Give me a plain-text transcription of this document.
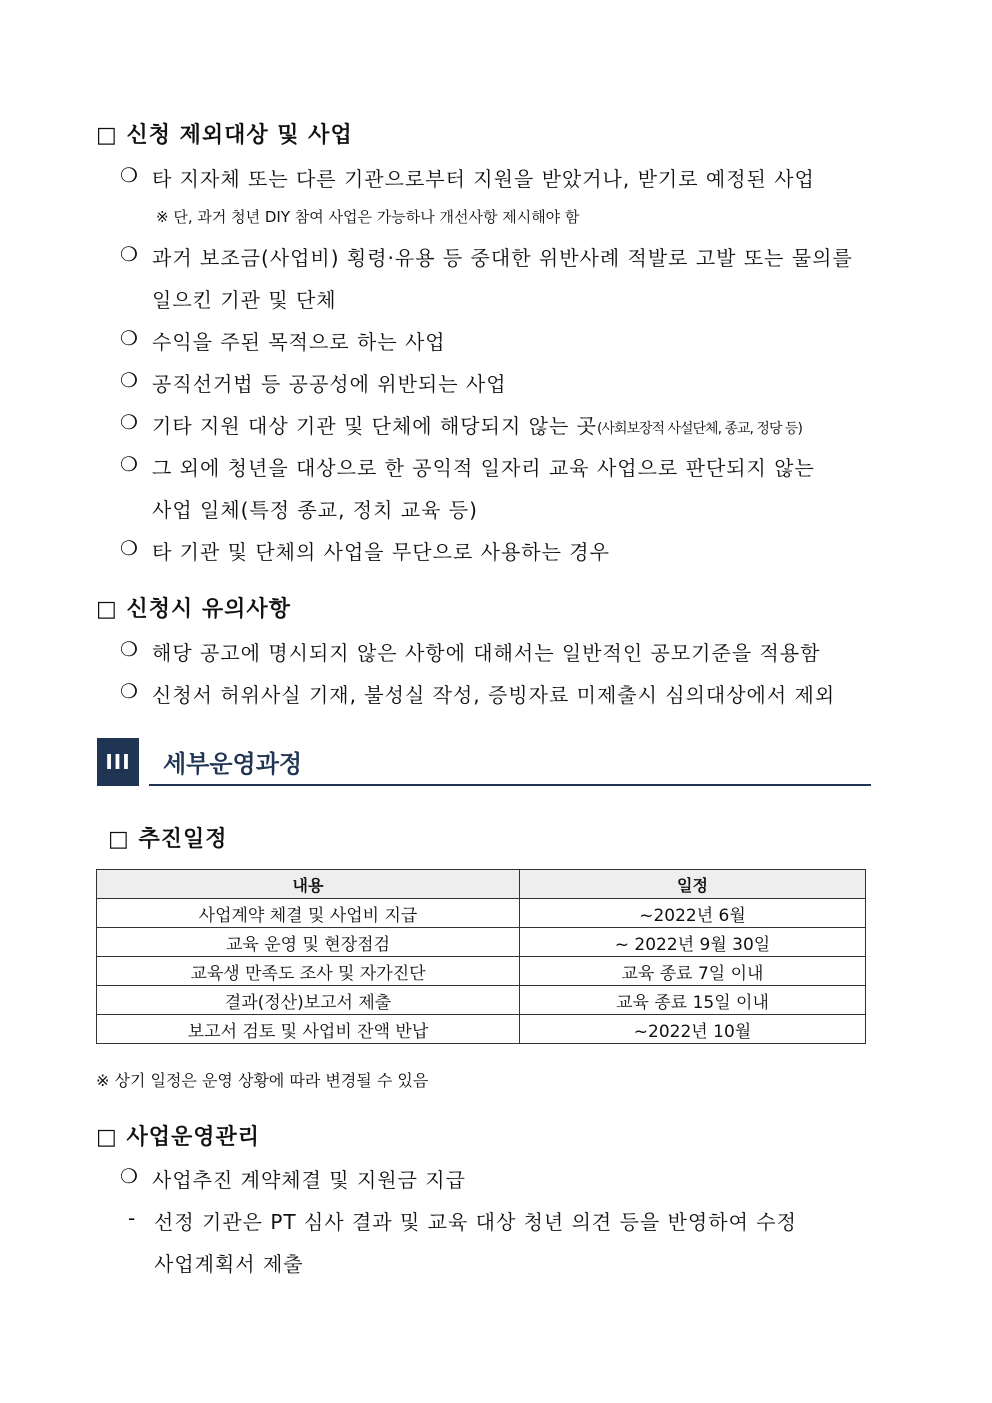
□ 신청 제외대상 및 사업
❍ 타 지자체 또는 다른 기관으로부터 지원을 받았거나, 받기로 예정된 사업
※ 단, 과거 청년 DIY 참여 사업은 가능하나 개선사항 제시해야 함
❍ 과거 보조금(사업비) 횡령·유용 등 중대한 위반사례 적발로 고발 또는 물의를
일으킨 기관 및 단체
❍ 수익을 주된 목적으로 하는 사업
❍ 공직선거법 등 공공성에 위반되는 사업
❍ 기타 지원 대상 기관 및 단체에 해당되지 않는 곳(사회보장적 사설단체, 종교, 정당 등)
❍ 그 외에 청년을 대상으로 한 공익적 일자리 교육 사업으로 판단되지 않는
사업 일체(특정 종교, 정치 교육 등)
❍ 타 기관 및 단체의 사업을 무단으로 사용하는 경우
□ 신청시 유의사항
❍ 해당 공고에 명시되지 않은 사항에 대해서는 일반적인 공모기준을 적용함
❍ 신청서 허위사실 기재, 불성실 작성, 증빙자료 미제출시 심의대상에서 제외
III	세부운영과정
□ 추진일정
내용	일정
사업계약 체결 및 사업비 지급	~2022년 6월
교육 운영 및 현장점검	~ 2022년 9월 30일
교육생 만족도 조사 및 자가진단	교육 종료 7일 이내
결과(정산)보고서 제출	교육 종료 15일 이내
보고서 검토 및 사업비 잔액 반납	~2022년 10월
※ 상기 일정은 운영 상황에 따라 변경될 수 있음
□ 사업운영관리
❍ 사업추진 계약체결 및 지원금 지급
- 선정 기관은 PT 심사 결과 및 교육 대상 청년 의견 등을 반영하여 수정
사업계획서 제출
